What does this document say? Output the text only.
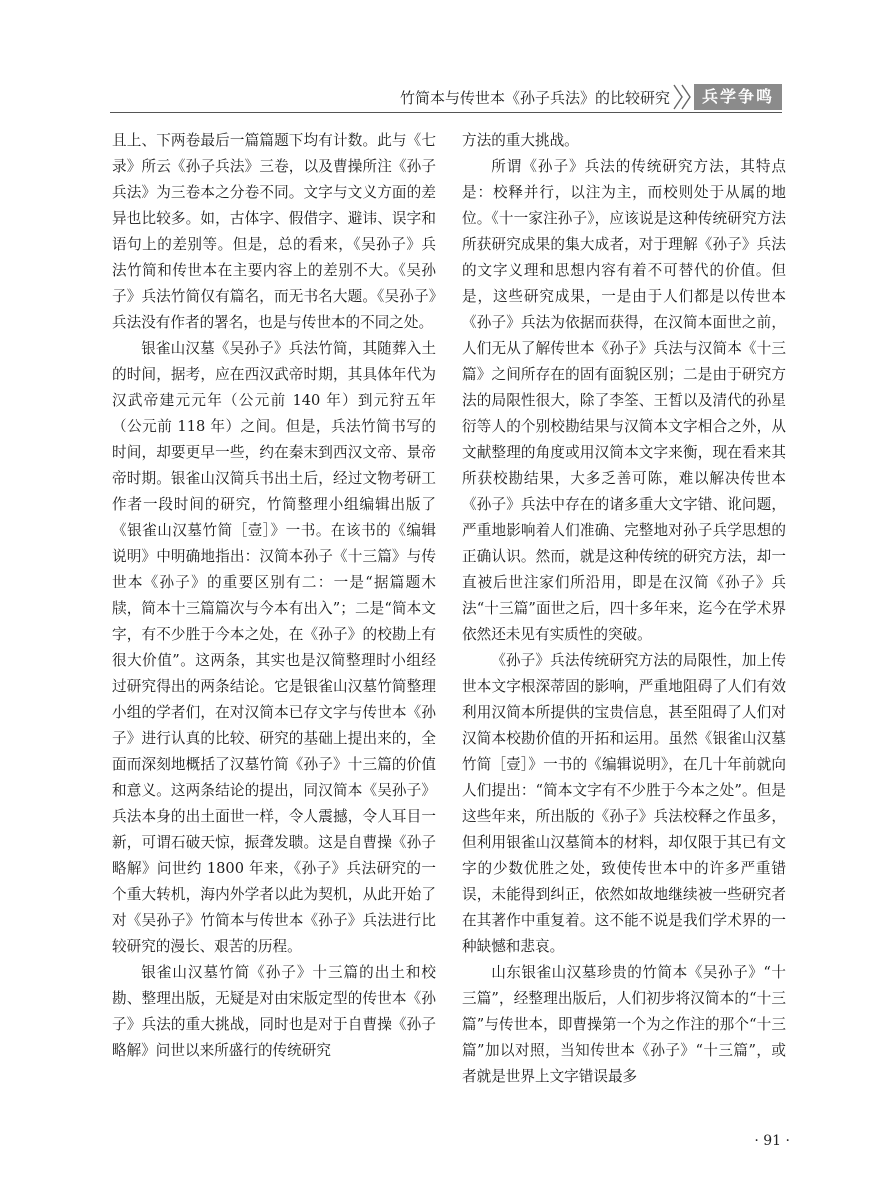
竹简本与传世本《孙子兵法》的比较研究	兵学争鸣

且上、下两卷最后一篇篇题下均有计数。此与《七录》所云《孙子兵法》三卷，以及曹操所注《孙子兵法》为三卷本之分卷不同。文字与文义方面的差异也比较多。如，古体字、假借字、避讳、误字和语句上的差别等。但是，总的看来，《吴孙子》兵法竹简和传世本在主要内容上的差别不大。《吴孙子》兵法竹简仅有篇名，而无书名大题。《吴孙子》兵法没有作者的署名，也是与传世本的不同之处。

银雀山汉墓《吴孙子》兵法竹简，其随葬入土的时间，据考，应在西汉武帝时期，其具体年代为汉武帝建元元年（公元前 140 年）到元狩五年（公元前 118 年）之间。但是，兵法竹简书写的时间，却要更早一些，约在秦末到西汉文帝、景帝帝时期。银雀山汉简兵书出土后，经过文物考研工作者一段时间的研究，竹简整理小组编辑出版了《银雀山汉墓竹简［壹］》一书。在该书的《编辑说明》中明确地指出：汉简本孙子《十三篇》与传世本《孙子》的重要区别有二：一是“据篇题木牍，简本十三篇篇次与今本有出入”；二是“简本文字，有不少胜于今本之处，在《孙子》的校勘上有很大价值”。这两条，其实也是汉简整理时小组经过研究得出的两条结论。它是银雀山汉墓竹简整理小组的学者们，在对汉简本已存文字与传世本《孙子》进行认真的比较、研究的基础上提出来的，全面而深刻地概括了汉墓竹简《孙子》十三篇的价值和意义。这两条结论的提出，同汉简本《吴孙子》兵法本身的出土面世一样，令人震撼，令人耳目一新，可谓石破天惊，振聋发聩。这是自曹操《孙子略解》问世约 1800 年来，《孙子》兵法研究的一个重大转机，海内外学者以此为契机，从此开始了对《吴孙子》竹简本与传世本《孙子》兵法进行比较研究的漫长、艰苦的历程。

银雀山汉墓竹简《孙子》十三篇的出土和校勘、整理出版，无疑是对由宋版定型的传世本《孙子》兵法的重大挑战，同时也是对于自曹操《孙子略解》问世以来所盛行的传统研究

方法的重大挑战。

所谓《孙子》兵法的传统研究方法，其特点是：校释并行，以注为主，而校则处于从属的地位。《十一家注孙子》，应该说是这种传统研究方法所获研究成果的集大成者，对于理解《孙子》兵法的文字义理和思想内容有着不可替代的价值。但是，这些研究成果，一是由于人们都是以传世本《孙子》兵法为依据而获得，在汉简本面世之前，人们无从了解传世本《孙子》兵法与汉简本《十三篇》之间所存在的固有面貌区别；二是由于研究方法的局限性很大，除了李筌、王皙以及清代的孙星衍等人的个别校勘结果与汉简本文字相合之外，从文献整理的角度或用汉简本文字来衡，现在看来其所获校勘结果，大多乏善可陈，难以解决传世本《孙子》兵法中存在的诸多重大文字错、讹问题，严重地影响着人们准确、完整地对孙子兵学思想的正确认识。然而，就是这种传统的研究方法，却一直被后世注家们所沿用，即是在汉简《孙子》兵法“十三篇”面世之后，四十多年来，迄今在学术界依然还未见有实质性的突破。

《孙子》兵法传统研究方法的局限性，加上传世本文字根深蒂固的影响，严重地阻碍了人们有效利用汉简本所提供的宝贵信息，甚至阻碍了人们对汉简本校勘价值的开拓和运用。虽然《银雀山汉墓竹简［壹］》一书的《编辑说明》，在几十年前就向人们提出：“简本文字有不少胜于今本之处”。但是这些年来，所出版的《孙子》兵法校释之作虽多，但利用银雀山汉墓简本的材料，却仅限于其已有文字的少数优胜之处，致使传世本中的许多严重错误，未能得到纠正，依然如故地继续被一些研究者在其著作中重复着。这不能不说是我们学术界的一种缺憾和悲哀。

山东银雀山汉墓珍贵的竹简本《吴孙子》“十三篇”，经整理出版后，人们初步将汉简本的“十三篇”与传世本，即曹操第一个为之作注的那个“十三篇”加以对照，当知传世本《孙子》“十三篇”，或者就是世界上文字错误最多

· 91 ·
